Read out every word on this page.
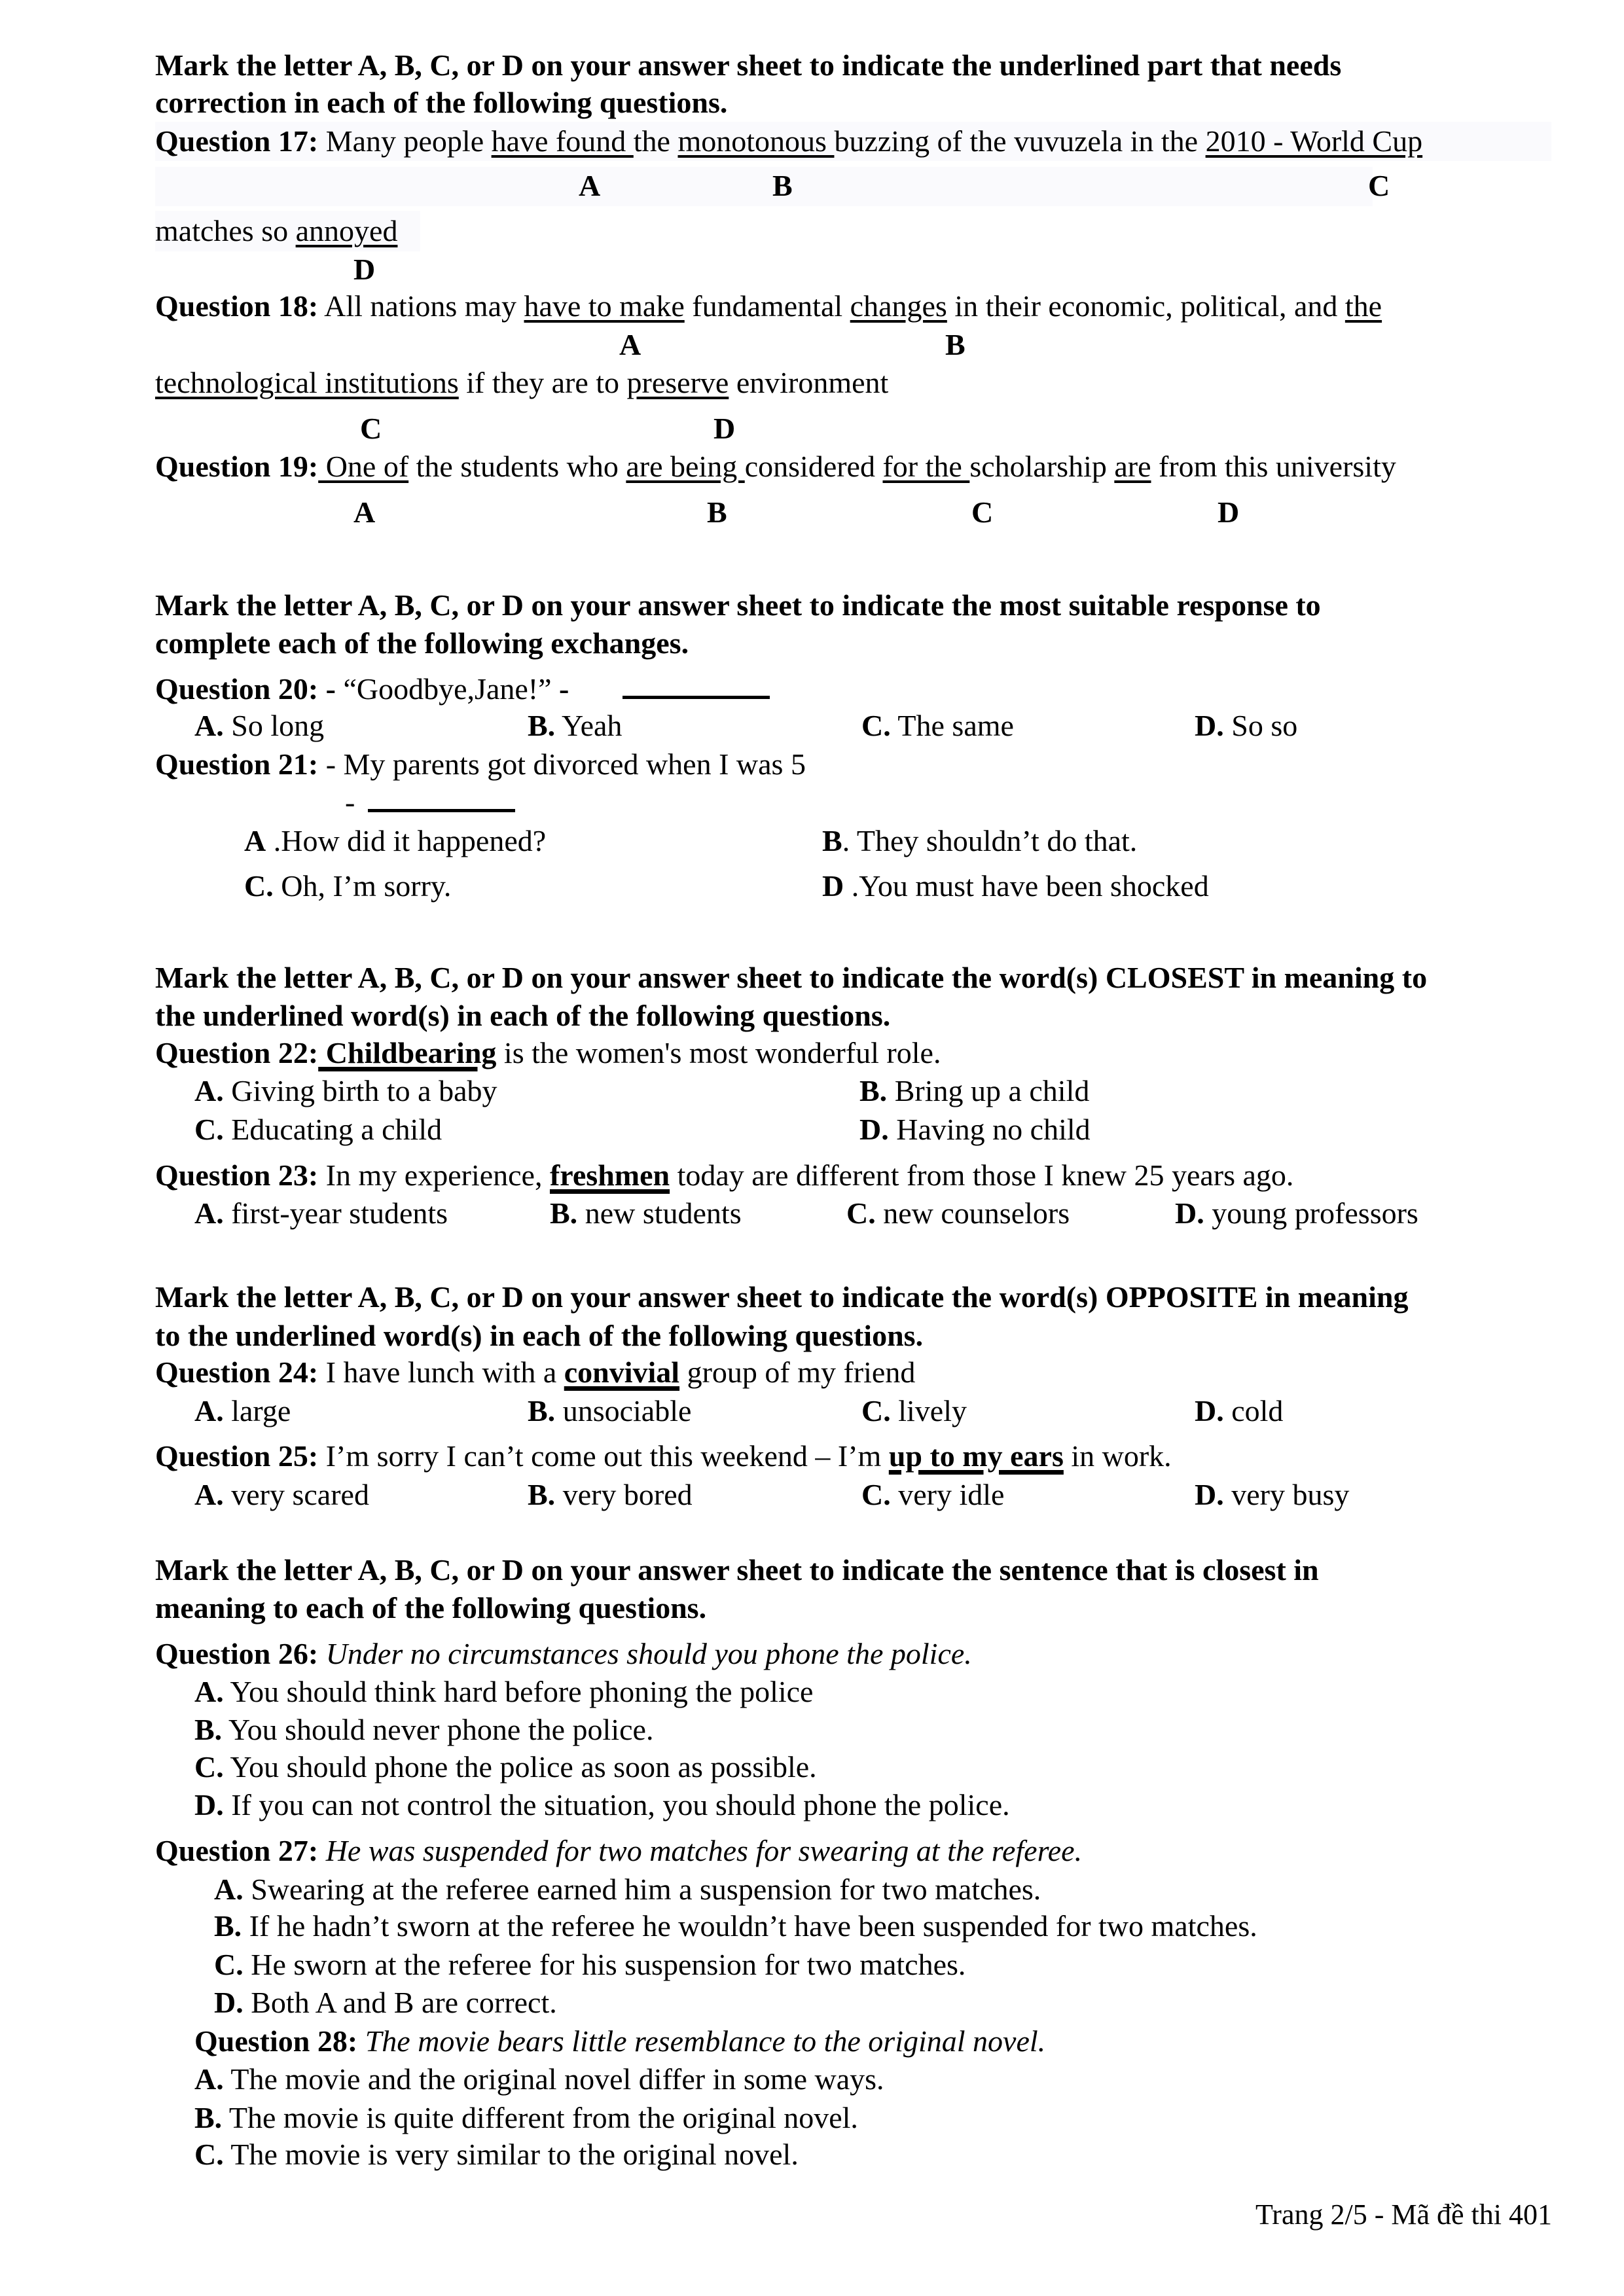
Mark the letter A, B, C, or D on your answer sheet to indicate the underlined part that needs
correction in each of the following questions.
Question 17: Many people have found the monotonous buzzing of the vuvuzela in the 2010 - World Cup
A	B	C
matches so annoyed
D
Question 18: All nations may have to make fundamental changes in their economic, political, and the
A	B
technological institutions if they are to preserve environment
C	D
Question 19: One of the students who are being considered for the scholarship are from this university
A	B	C	D
Mark the letter A, B, C, or D on your answer sheet to indicate the most suitable response to
complete each of the following exchanges.
Question 20: - “Goodbye,Jane!” -
A. So long	B. Yeah	C. The same	D. So so
Question 21: - My parents got divorced when I was 5
-
A .How did it happened?	B. They shouldn’t do that.
C. Oh, I’m sorry.	D .You must have been shocked
Mark the letter A, B, C, or D on your answer sheet to indicate the word(s) CLOSEST in meaning to
the underlined word(s) in each of the following questions.
Question 22: Childbearing is the women's most wonderful role.
A. Giving birth to a baby	B. Bring up a child
C. Educating a child	D. Having no child
Question 23: In my experience, freshmen today are different from those I knew 25 years ago.
A. first-year students	B. new students	C. new counselors	D. young professors
Mark the letter A, B, C, or D on your answer sheet to indicate the word(s) OPPOSITE in meaning
to the underlined word(s) in each of the following questions.
Question 24: I have lunch with a convivial group of my friend
A. large	B. unsociable	C. lively	D. cold
Question 25: I’m sorry I can’t come out this weekend – I’m up to my ears in work.
A. very scared	B. very bored	C. very idle	D. very busy
Mark the letter A, B, C, or D on your answer sheet to indicate the sentence that is closest in
meaning to each of the following questions.
Question 26: Under no circumstances should you phone the police.
A. You should think hard before phoning the police
B. You should never phone the police.
C. You should phone the police as soon as possible.
D. If you can not control the situation, you should phone the police.
Question 27: He was suspended for two matches for swearing at the referee.
A. Swearing at the referee earned him a suspension for two matches.
B. If he hadn’t sworn at the referee he wouldn’t have been suspended for two matches.
C. He sworn at the referee for his suspension for two matches.
D. Both A and B are correct.
Question 28: The movie bears little resemblance to the original novel.
A. The movie and the original novel differ in some ways.
B. The movie is quite different from the original novel.
C. The movie is very similar to the original novel.
Trang 2/5 - Mã đề thi 401
